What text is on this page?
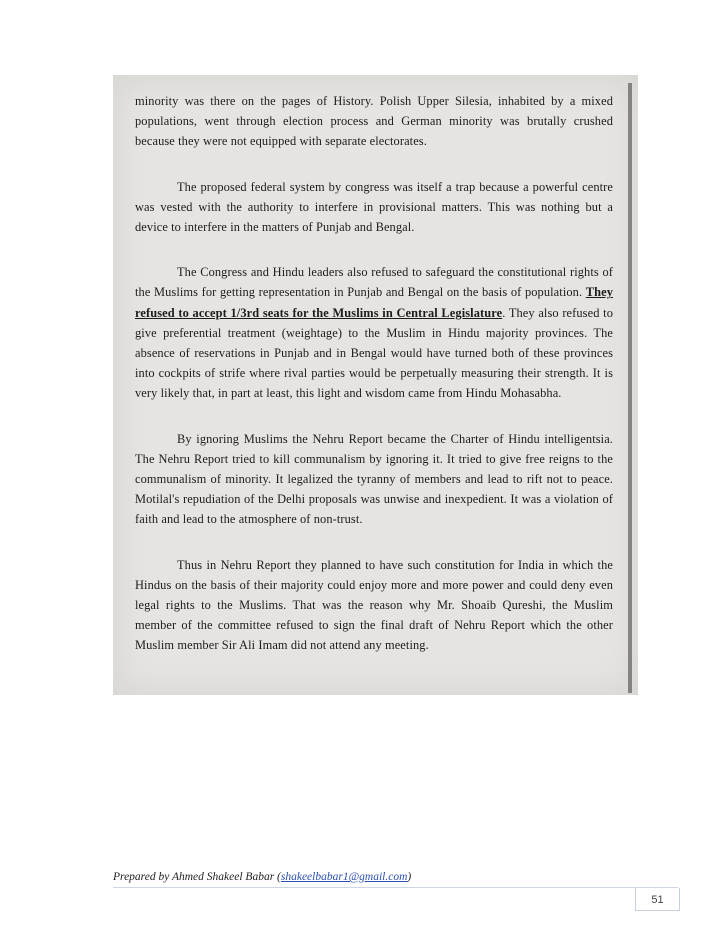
minority was there on the pages of History. Polish Upper Silesia, inhabited by a mixed populations, went through election process and German minority was brutally crushed because they were not equipped with separate electorates.

The proposed federal system by congress was itself a trap because a powerful centre was vested with the authority to interfere in provisional matters. This was nothing but a device to interfere in the matters of Punjab and Bengal.

The Congress and Hindu leaders also refused to safeguard the constitutional rights of the Muslims for getting representation in Punjab and Bengal on the basis of population. They refused to accept 1/3rd seats for the Muslims in Central Legislature. They also refused to give preferential treatment (weightage) to the Muslim in Hindu majority provinces. The absence of reservations in Punjab and in Bengal would have turned both of these provinces into cockpits of strife where rival parties would be perpetually measuring their strength. It is very likely that, in part at least, this light and wisdom came from Hindu Mohasabha.

By ignoring Muslims the Nehru Report became the Charter of Hindu intelligentsia. The Nehru Report tried to kill communalism by ignoring it. It tried to give free reigns to the communalism of minority. It legalized the tyranny of members and lead to rift not to peace. Motilal's repudiation of the Delhi proposals was unwise and inexpedient. It was a violation of faith and lead to the atmosphere of non-trust.

Thus in Nehru Report they planned to have such constitution for India in which the Hindus on the basis of their majority could enjoy more and more power and could deny even legal rights to the Muslims. That was the reason why Mr. Shoaib Qureshi, the Muslim member of the committee refused to sign the final draft of Nehru Report which the other Muslim member Sir Ali Imam did not attend any meeting.

Prepared by Ahmed Shakeel Babar (shakeelbabar1@gmail.com)
51
